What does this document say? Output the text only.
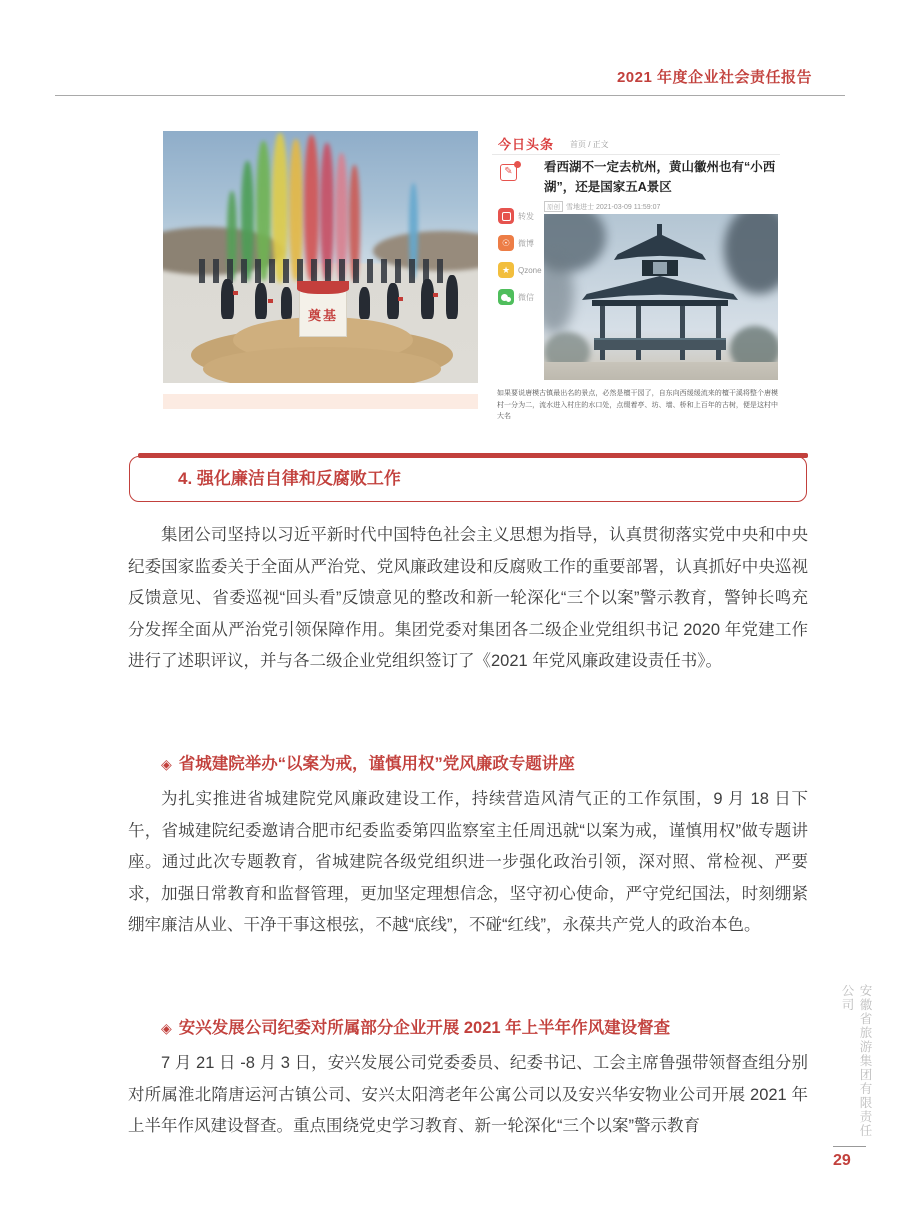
2021 年度企业社会责任报告
奠基
今日头条 首页 / 正文
✎
转发
☉ 微博
★ Qzone
微信
看西湖不一定去杭州，黄山徽州也有“小西湖”，还是国家五A景区
原创 雪地进士 2021-03-09 11:59:07
如果要说唐模古镇最出名的景点，必然是檀干园了，自东向西缓缓流来的檀干溪将整个唐模村一分为二，流水进入村庄的水口处，点缀着亭、坊、墙、桥和上百年的古树，便是这村中大名
4. 强化廉洁自律和反腐败工作

集团公司坚持以习近平新时代中国特色社会主义思想为指导，认真贯彻落实党中央和中央纪委国家监委关于全面从严治党、党风廉政建设和反腐败工作的重要部署，认真抓好中央巡视反馈意见、省委巡视“回头看”反馈意见的整改和新一轮深化“三个以案”警示教育，警钟长鸣充分发挥全面从严治党引领保障作用。集团党委对集团各二级企业党组织书记 2020 年党建工作进行了述职评议，并与各二级企业党组织签订了《2021 年党风廉政建设责任书》。

◈ 省城建院举办“以案为戒，谨慎用权”党风廉政专题讲座

为扎实推进省城建院党风廉政建设工作，持续营造风清气正的工作氛围，9 月 18 日下午，省城建院纪委邀请合肥市纪委监委第四监察室主任周迅就“以案为戒，谨慎用权”做专题讲座。通过此次专题教育，省城建院各级党组织进一步强化政治引领，深对照、常检视、严要求，加强日常教育和监督管理，更加坚定理想信念，坚守初心使命，严守党纪国法，时刻绷紧绷牢廉洁从业、干净干事这根弦，不越“底线”，不碰“红线”，永葆共产党人的政治本色。

◈ 安兴发展公司纪委对所属部分企业开展 2021 年上半年作风建设督查

7 月 21 日 -8 月 3 日，安兴发展公司党委委员、纪委书记、工会主席鲁强带领督查组分别对所属淮北隋唐运河古镇公司、安兴太阳湾老年公寓公司以及安兴华安物业公司开展 2021 年上半年作风建设督查。重点围绕党史学习教育、新一轮深化“三个以案”警示教育	安徽省旅游集团有限责任公司
29
